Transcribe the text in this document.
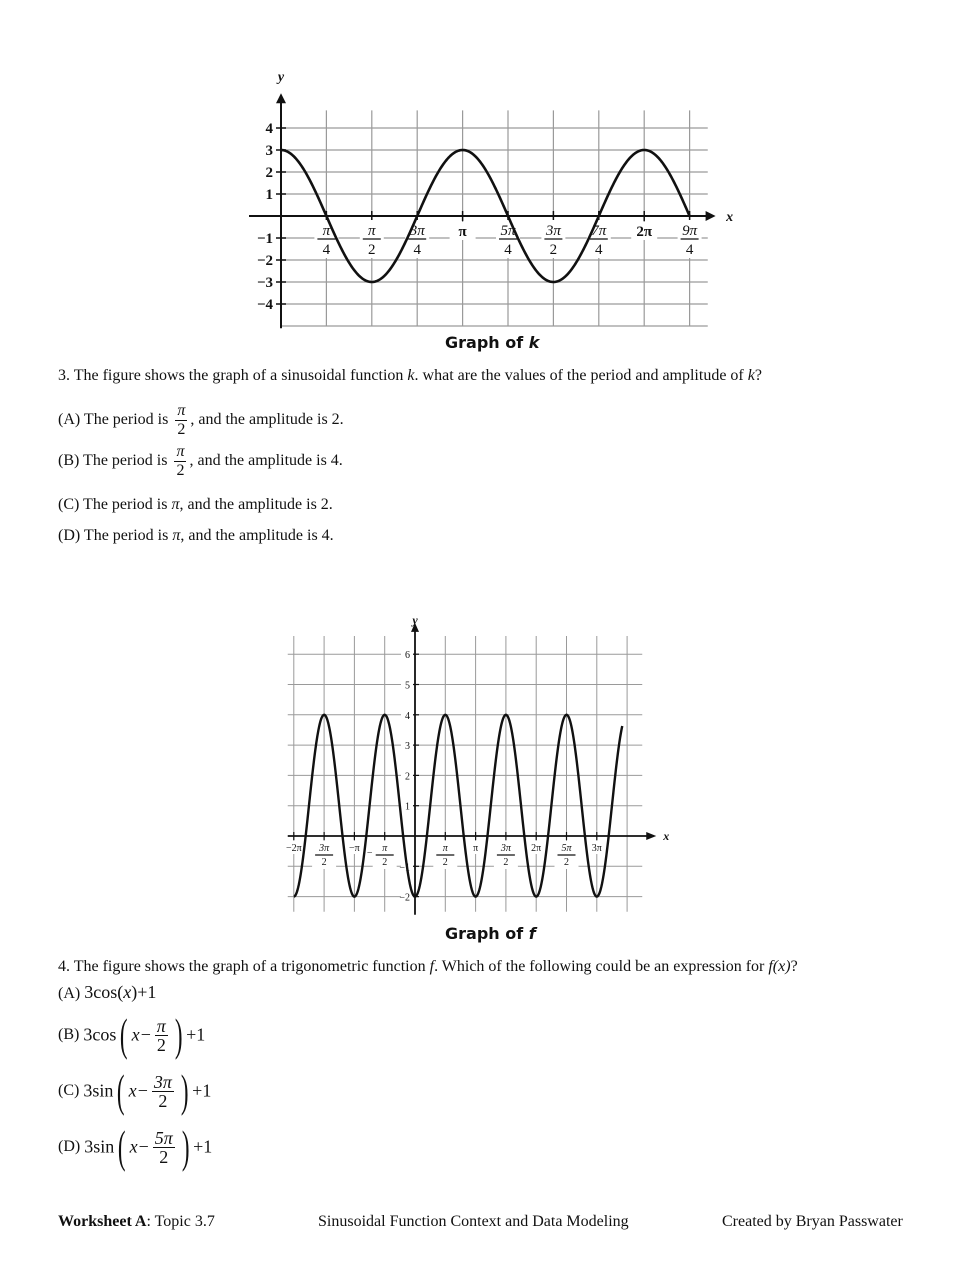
y
x
4
3
2
1
−1
−2
−3
−4
π
4
π
2
3π
4
π 5π
4
3π
2
7π
4
2π 9π
4
Graph of k
3. The figure shows the graph of a sinusoidal function k. what are the values of the period and amplitude of k?
(A) The period is $\frac{\pi}{2}$ , and the amplitude is 2.
(B) The period is $\frac{\pi}{2}$ , and the amplitude is 4.
(C) The period is π, and the amplitude is 2.
(D) The period is π, and the amplitude is 4.
y
x
6
5
4
3
2
1
−1
−2
−2π 3π
2
−π π
2
−	π
2
π 3π
2
2π 5π
2
3π
Graph of f
4. The figure shows the graph of a trigonometric function f. Which of the following could be an expression for f(x)?
(A) 3cos(x)+1
(B) 3cos( $x- \frac{\pi}{2}$ ) +1
(C) 3sin( $x- \frac{3\pi}{2}$ ) +1
(D) 3sin( $x- \frac{5\pi}{2}$ ) +1
Worksheet A: Topic 3.7	Sinusoidal Function Context and Data Modeling	Created by Bryan Passwater
